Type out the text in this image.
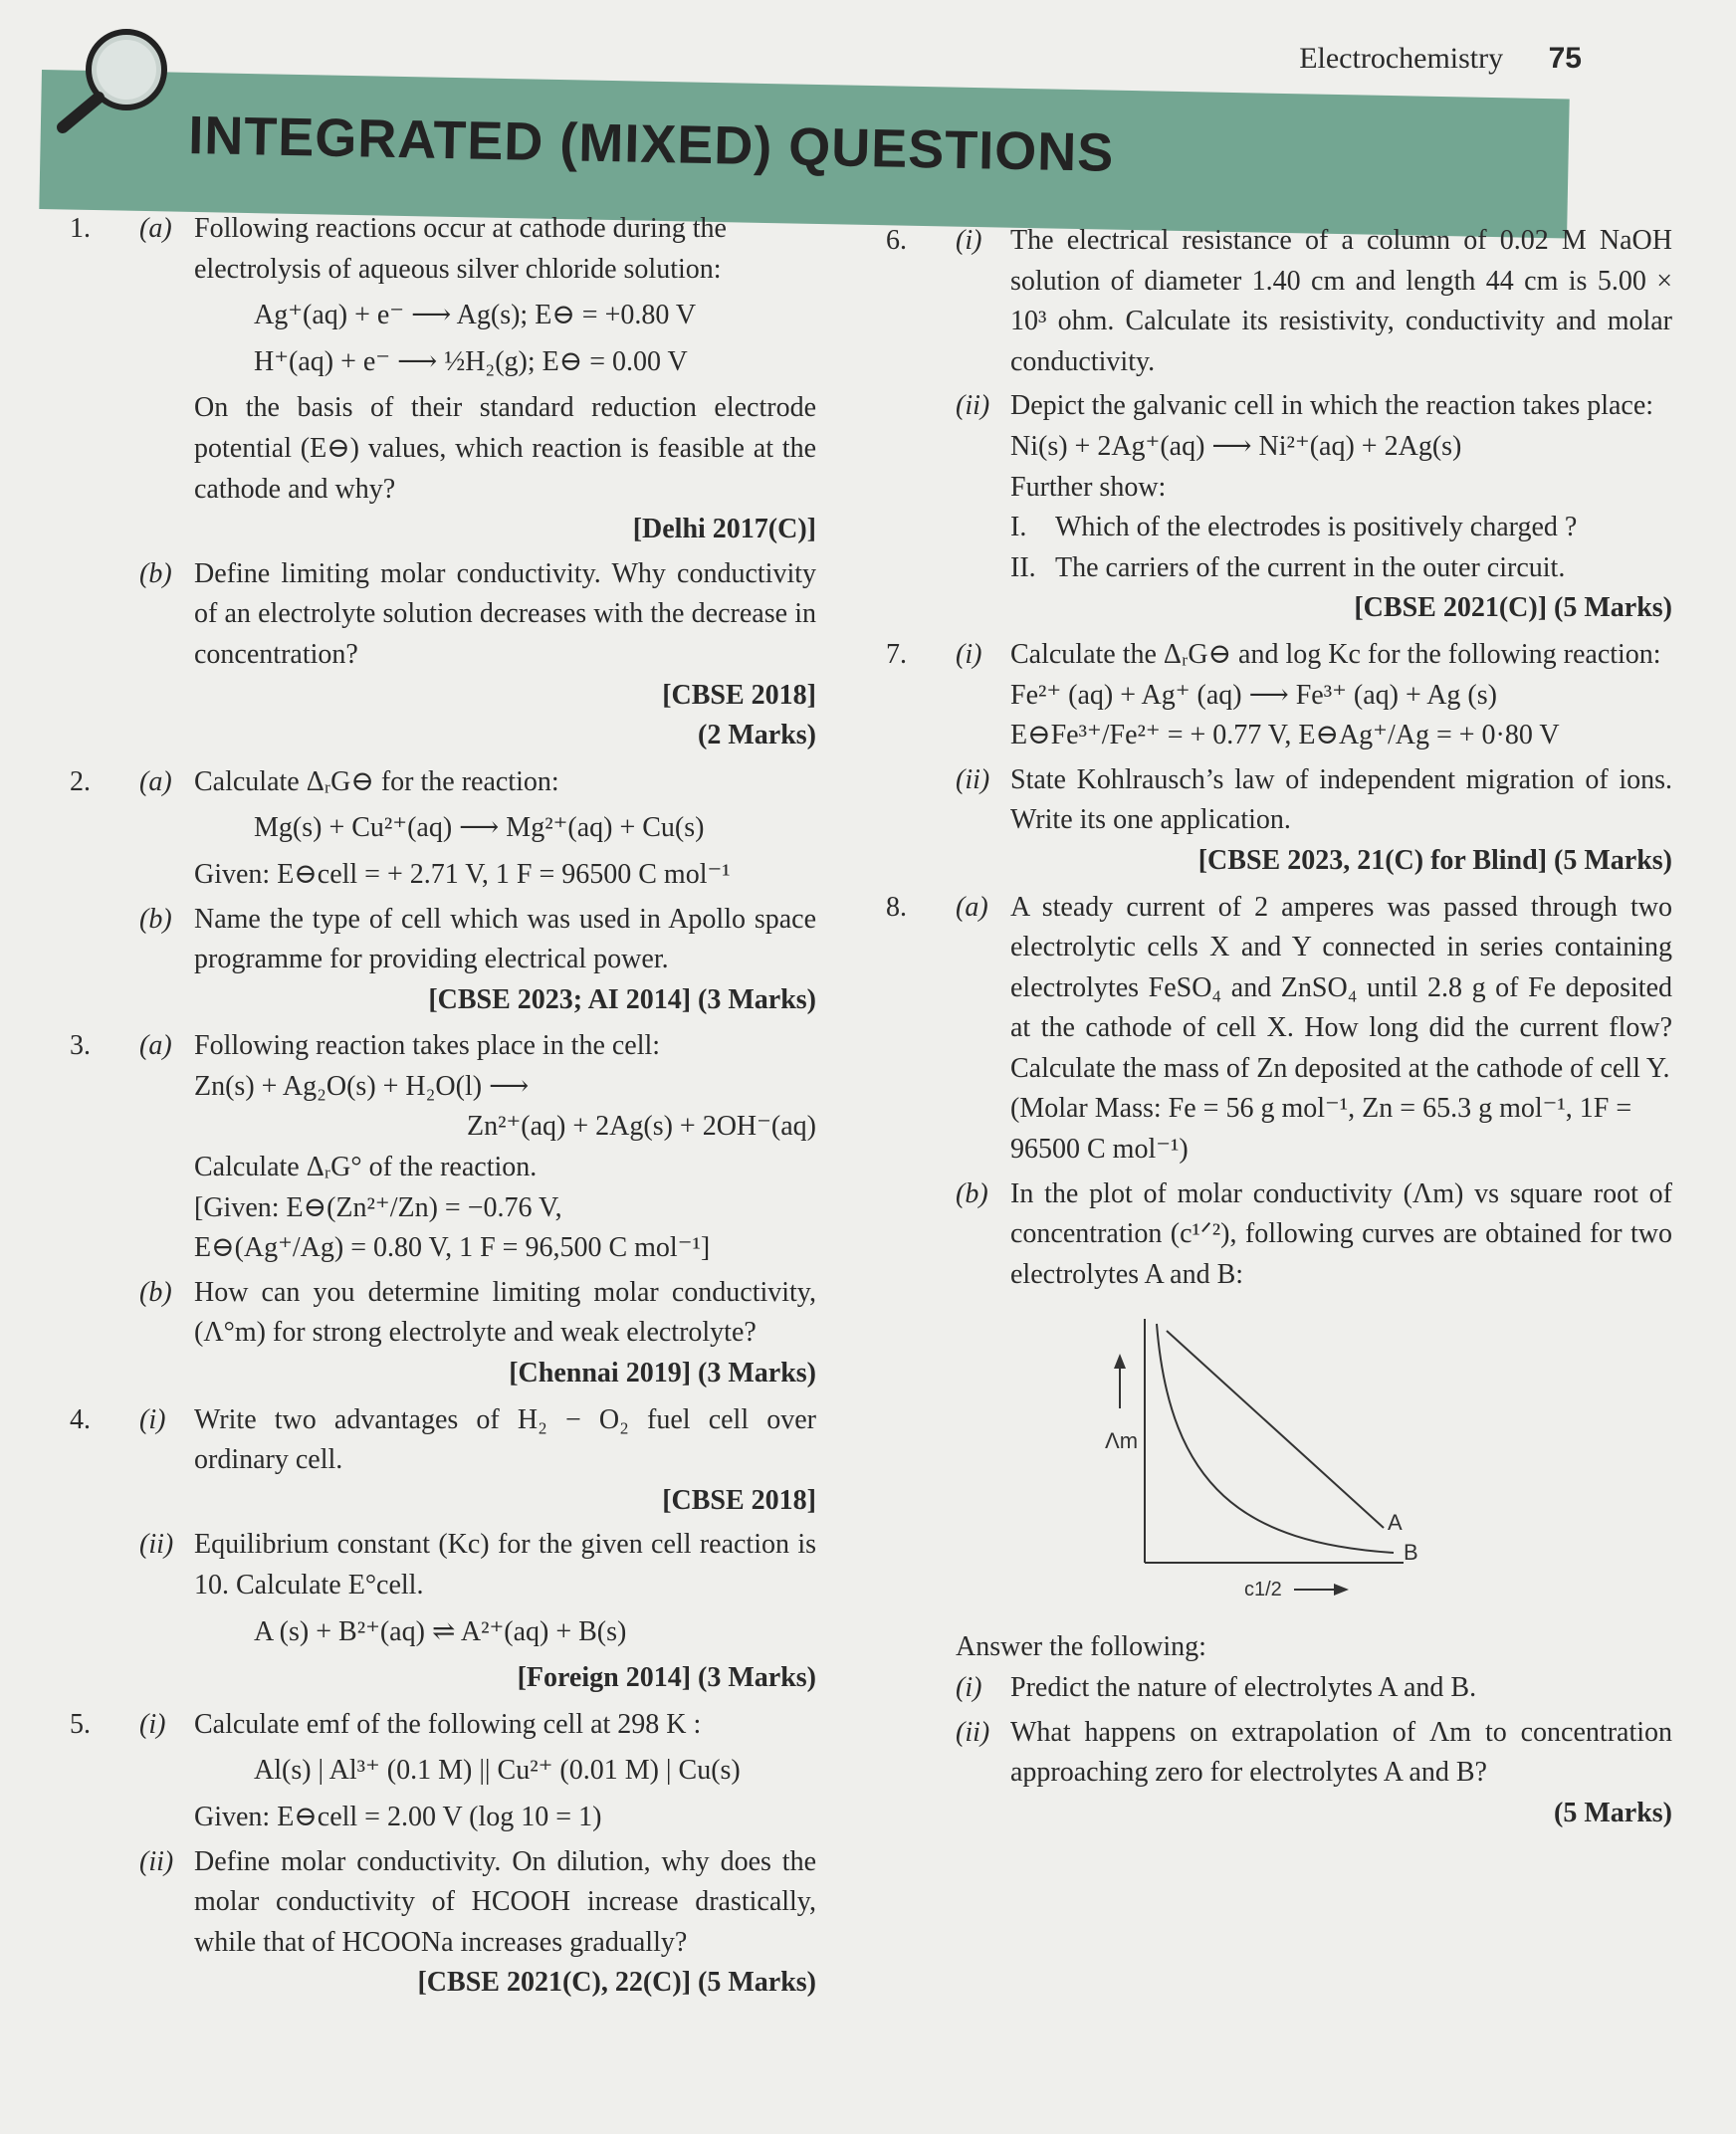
Electrochemistry 75
INTEGRATED (MIXED) QUESTIONS
1. (a) Following reactions occur at cathode during the electrolysis of aqueous silver chloride solution:
Ag⁺(aq) + e⁻ ⟶ Ag(s); E⊖ = +0.80 V
H⁺(aq) + e⁻ ⟶ ½H₂(g); E⊖ = 0.00 V
On the basis of their standard reduction electrode potential (E⊖) values, which reaction is feasible at the cathode and why?
[Delhi 2017(C)]
(b) Define limiting molar conductivity. Why conductivity of an electrolyte solution decreases with the decrease in concentration?
[CBSE 2018]
(2 Marks)
2. (a) Calculate ΔᵣG⊖ for the reaction:
Mg(s) + Cu²⁺(aq) ⟶ Mg²⁺(aq) + Cu(s)
Given: E⊖cell = + 2.71 V, 1 F = 96500 C mol⁻¹
(b) Name the type of cell which was used in Apollo space programme for providing electrical power.
[CBSE 2023; AI 2014] (3 Marks)
3. (a) Following reaction takes place in the cell:
Zn(s) + Ag₂O(s) + H₂O(l) ⟶
Zn²⁺(aq) + 2Ag(s) + 2OH⁻(aq)
Calculate ΔᵣG° of the reaction.
[Given: E⊖(Zn²⁺/Zn) = −0.76 V,
E⊖(Ag⁺/Ag) = 0.80 V, 1 F = 96,500 C mol⁻¹]
(b) How can you determine limiting molar conductivity, (Λ°m) for strong electrolyte and weak electrolyte?
[Chennai 2019] (3 Marks)
4. (i) Write two advantages of H₂ − O₂ fuel cell over ordinary cell.
[CBSE 2018]
(ii) Equilibrium constant (Kc) for the given cell reaction is 10. Calculate E°cell.
A (s) + B²⁺(aq) ⇌ A²⁺(aq) + B(s)
[Foreign 2014] (3 Marks)
5. (i) Calculate emf of the following cell at 298 K :
Al(s) | Al³⁺ (0.1 M) || Cu²⁺ (0.01 M) | Cu(s)
Given: E⊖cell = 2.00 V (log 10 = 1)
(ii) Define molar conductivity. On dilution, why does the molar conductivity of HCOOH increase drastically, while that of HCOONa increases gradually?
[CBSE 2021(C), 22(C)] (5 Marks)
6. (i) The electrical resistance of a column of 0.02 M NaOH solution of diameter 1.40 cm and length 44 cm is 5.00 × 10³ ohm. Calculate its resistivity, conductivity and molar conductivity.
(ii) Depict the galvanic cell in which the reaction takes place:
Ni(s) + 2Ag⁺(aq) ⟶ Ni²⁺(aq) + 2Ag(s)
Further show:
I. Which of the electrodes is positively charged ?
II. The carriers of the current in the outer circuit.
[CBSE 2021(C)] (5 Marks)
7. (i) Calculate the ΔᵣG⊖ and log Kc for the following reaction:
Fe²⁺ (aq) + Ag⁺ (aq) ⟶ Fe³⁺ (aq) + Ag (s)
E⊖Fe³⁺/Fe²⁺ = + 0.77 V, E⊖Ag⁺/Ag = + 0·80 V
(ii) State Kohlrausch’s law of independent migration of ions. Write its one application.
[CBSE 2023, 21(C) for Blind] (5 Marks)
8. (a) A steady current of 2 amperes was passed through two electrolytic cells X and Y connected in series containing electrolytes FeSO₄ and ZnSO₄ until 2.8 g of Fe deposited at the cathode of cell X. How long did the current flow? Calculate the mass of Zn deposited at the cathode of cell Y.
(Molar Mass: Fe = 56 g mol⁻¹, Zn = 65.3 g mol⁻¹, 1F = 96500 C mol⁻¹)
(b) In the plot of molar conductivity (Λm) vs square root of concentration (c¹ᐟ²), following curves are obtained for two electrolytes A and B:
Λm
A
B
c1/2
Answer the following:
(i) Predict the nature of electrolytes A and B.
(ii) What happens on extrapolation of Λm to concentration approaching zero for electrolytes A and B?
(5 Marks)
